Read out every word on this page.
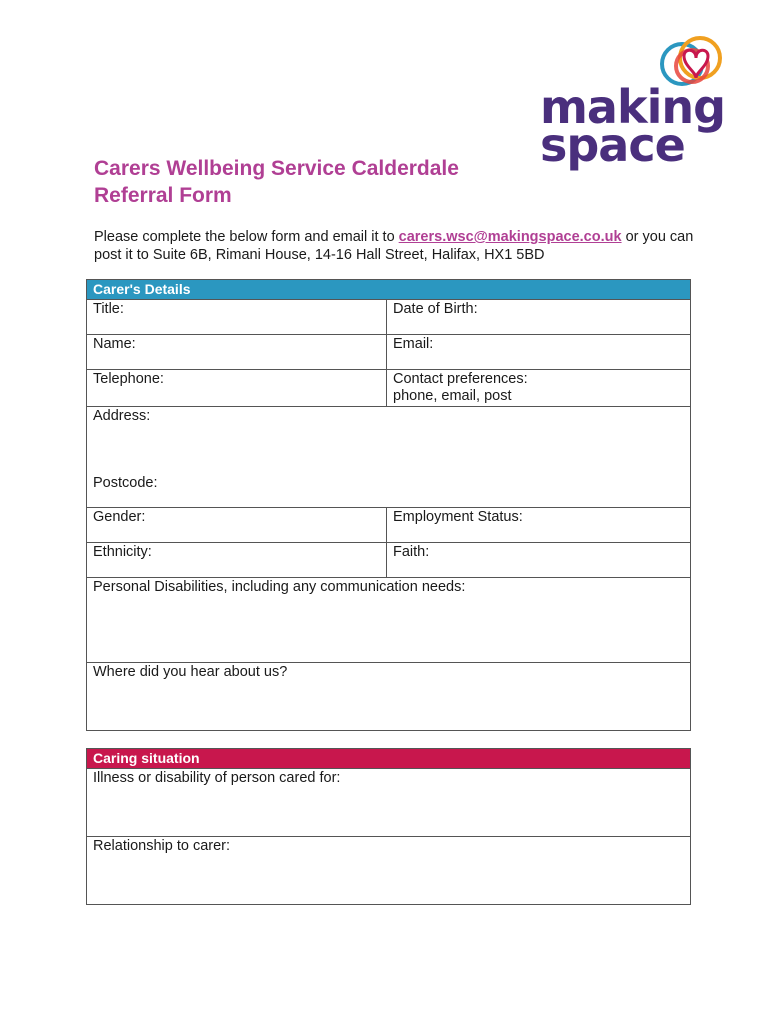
making
space
Carers Wellbeing Service Calderdale
Referral Form
Please complete the below form and email it to carers.wsc@makingspace.co.uk or you can post it to Suite 6B, Rimani House, 14-16 Hall Street, Halifax, HX1 5BD
Carer's Details	

Title:	Date of Birth:
Name:	Email:
Telephone:	Contact preferences:
phone, email, post

Address:
Postcode:	

Gender:	Employment Status:
Ethnicity:	Faith:
Personal Disabilities, including any communication needs:	
Where did you hear about us?	
Caring situation

Illness or disability of person cared for:
Relationship to carer:
